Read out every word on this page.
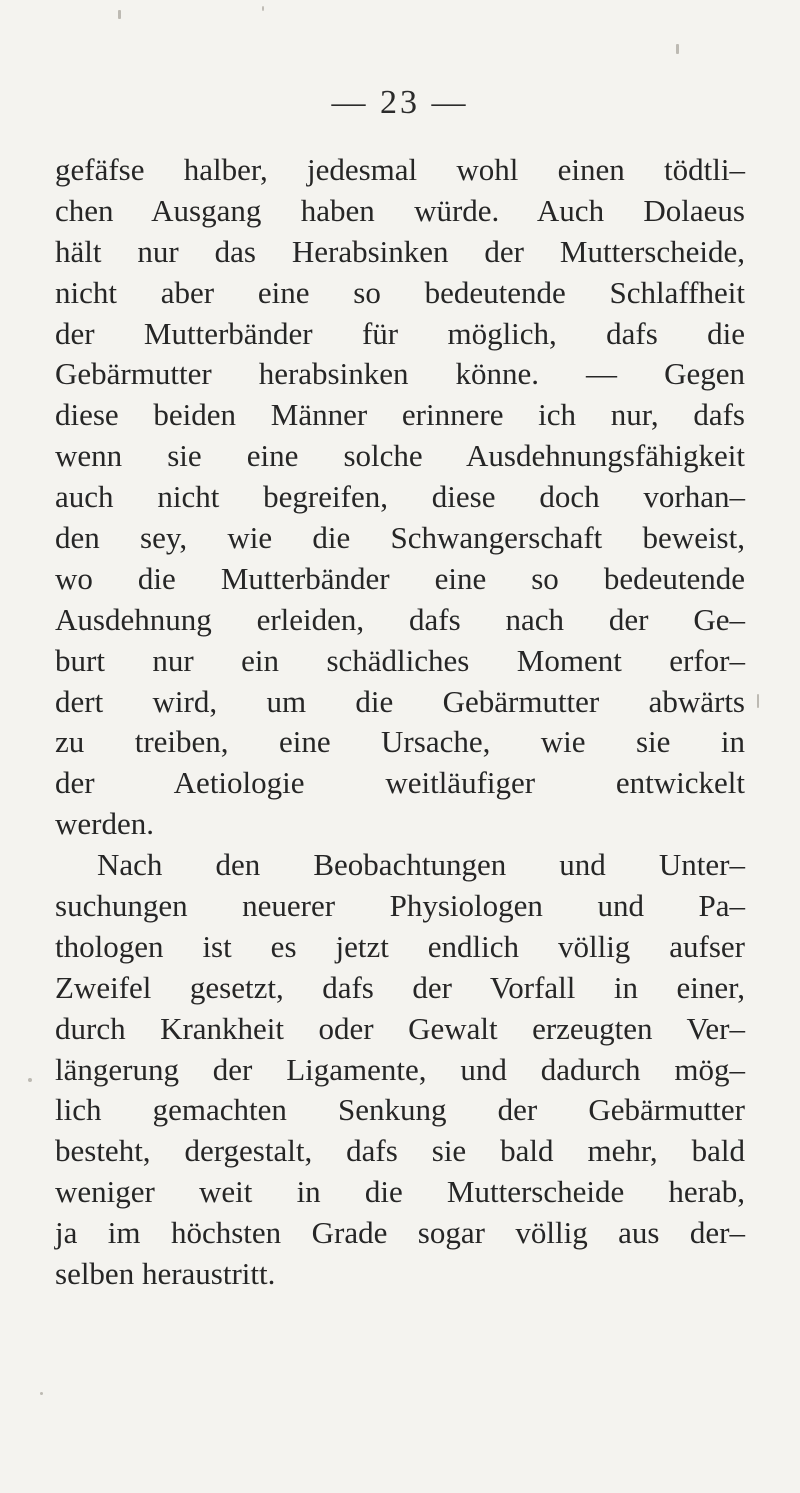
— 23 —
gefäfse halber, jedesmal wohl einen tödtli–
chen Ausgang haben würde. Auch Dolaeus
hält nur das Herabsinken der Mutterscheide,
nicht aber eine so bedeutende Schlaffheit
der Mutterbänder für möglich, dafs die
Gebärmutter herabsinken könne. — Gegen
diese beiden Männer erinnere ich nur, dafs
wenn sie eine solche Ausdehnungsfähigkeit
auch nicht begreifen, diese doch vorhan–
den sey, wie die Schwangerschaft beweist,
wo die Mutterbänder eine so bedeutende
Ausdehnung erleiden, dafs nach der Ge–
burt nur ein schädliches Moment erfor–
dert wird, um die Gebärmutter abwärts
zu treiben, eine Ursache, wie sie in
der Aetiologie weitläufiger entwickelt
werden.
Nach den Beobachtungen und Unter–
suchungen neuerer Physiologen und Pa–
thologen ist es jetzt endlich völlig aufser
Zweifel gesetzt, dafs der Vorfall in einer,
durch Krankheit oder Gewalt erzeugten Ver–
längerung der Ligamente, und dadurch mög–
lich gemachten Senkung der Gebärmutter
besteht, dergestalt, dafs sie bald mehr, bald
weniger weit in die Mutterscheide herab,
ja im höchsten Grade sogar völlig aus der–
selben heraustritt.
